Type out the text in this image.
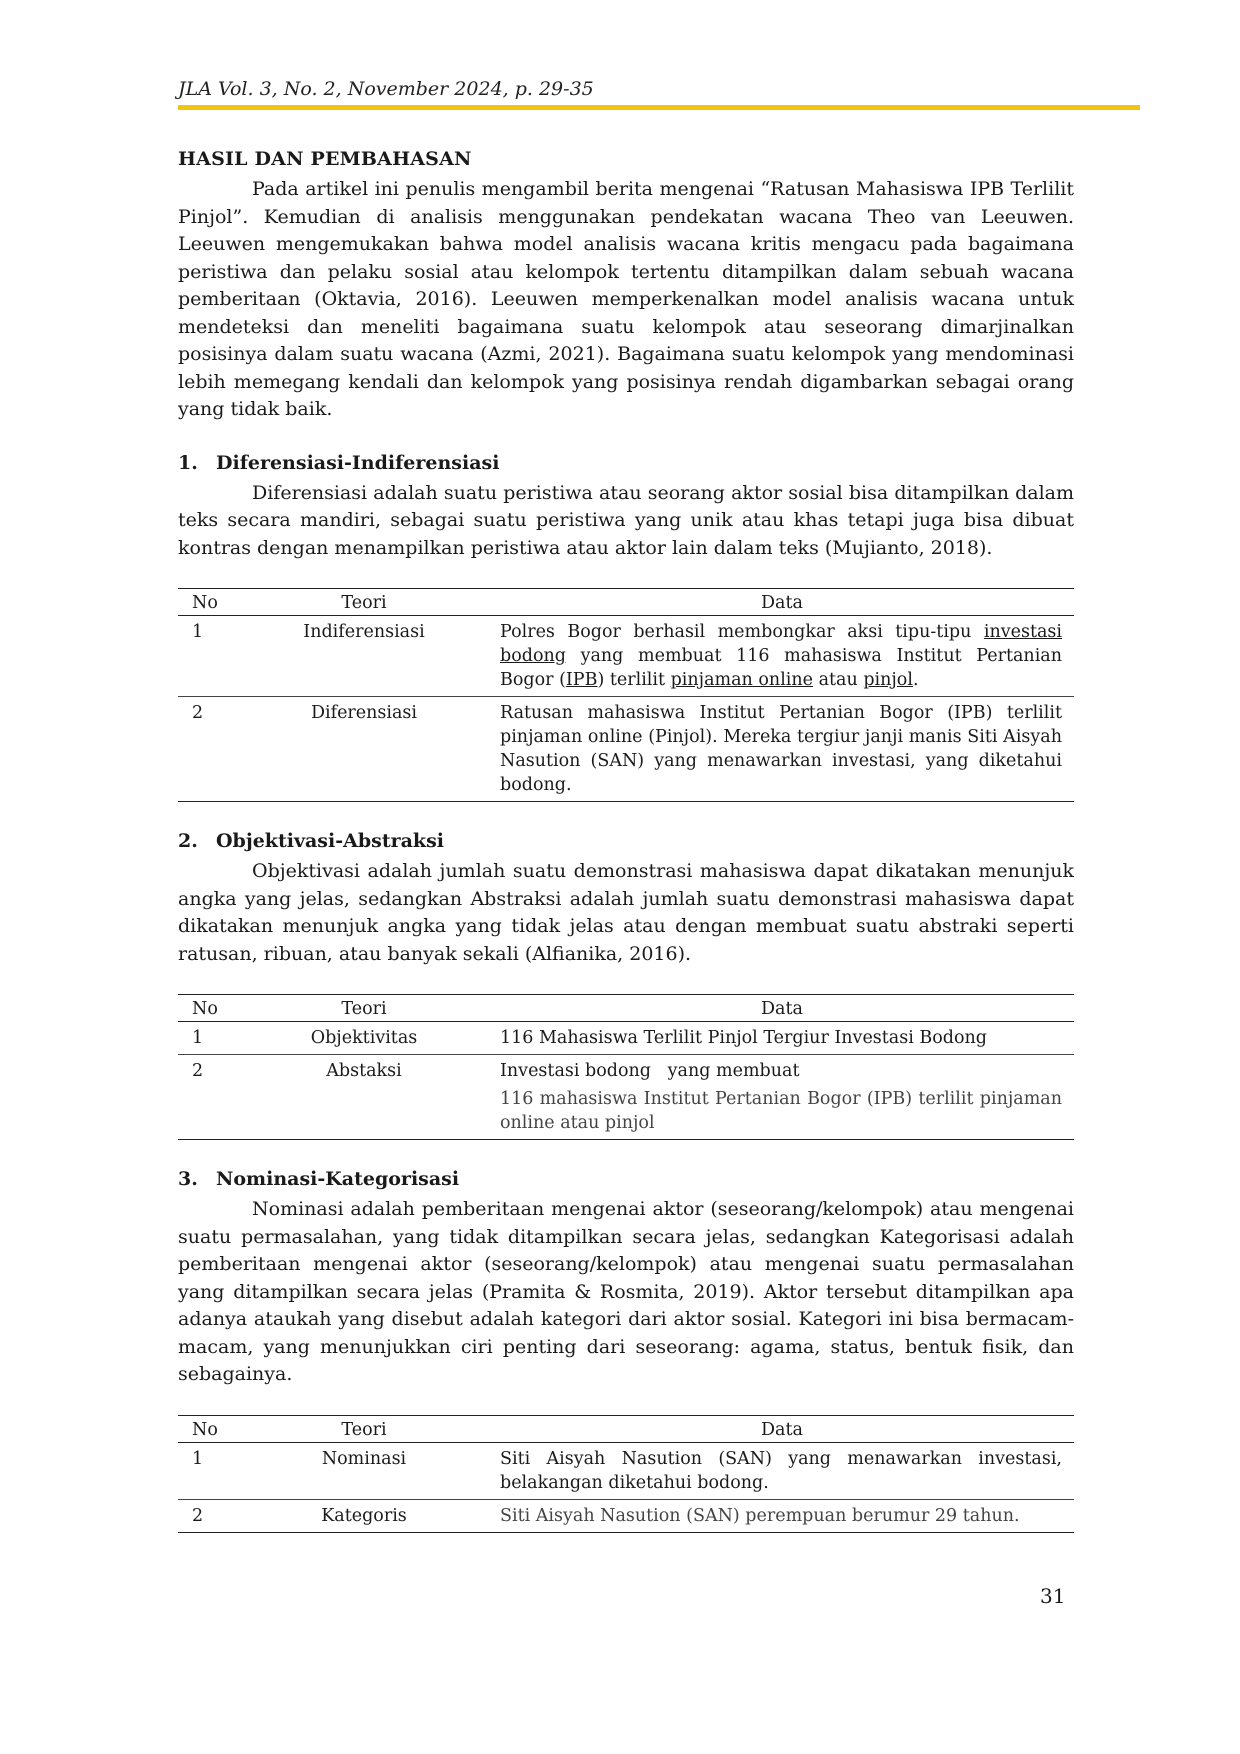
JLA Vol. 3, No. 2, November 2024, p. 29-35
HASIL DAN PEMBAHASAN

Pada artikel ini penulis mengambil berita mengenai “Ratusan Mahasiswa IPB Terlilit Pinjol”. Kemudian di analisis menggunakan pendekatan wacana Theo van Leeuwen. Leeuwen mengemukakan bahwa model analisis wacana kritis mengacu pada bagaimana peristiwa dan pelaku sosial atau kelompok tertentu ditampilkan dalam sebuah wacana pemberitaan (Oktavia, 2016). Leeuwen memperkenalkan model analisis wacana untuk mendeteksi dan meneliti bagaimana suatu kelompok atau seseorang dimarjinalkan posisinya dalam suatu wacana (Azmi, 2021). Bagaimana suatu kelompok yang mendominasi lebih memegang kendali dan kelompok yang posisinya rendah digambarkan sebagai orang yang tidak baik.

1. Diferensiasi-Indiferensiasi

Diferensiasi adalah suatu peristiwa atau seorang aktor sosial bisa ditampilkan dalam teks secara mandiri, sebagai suatu peristiwa yang unik atau khas tetapi juga bisa dibuat kontras dengan menampilkan peristiwa atau aktor lain dalam teks (Mujianto, 2018).

No	Teori	Data
1	Indiferensiasi	Polres Bogor berhasil membongkar aksi tipu-tipu investasi bodong yang membuat 116 mahasiswa Institut Pertanian Bogor (IPB) terlilit pinjaman online atau pinjol.
2	Diferensiasi	Ratusan mahasiswa Institut Pertanian Bogor (IPB) terlilit pinjaman online (Pinjol). Mereka tergiur janji manis Siti Aisyah Nasution (SAN) yang menawarkan investasi, yang diketahui bodong.
2. Objektivasi-Abstraksi

Objektivasi adalah jumlah suatu demonstrasi mahasiswa dapat dikatakan menunjuk angka yang jelas, sedangkan Abstraksi adalah jumlah suatu demonstrasi mahasiswa dapat dikatakan menunjuk angka yang tidak jelas atau dengan membuat suatu abstraki seperti ratusan, ribuan, atau banyak sekali (Alfianika, 2016).

No	Teori	Data
1	Objektivitas	116 Mahasiswa Terlilit Pinjol Tergiur Investasi Bodong
2	Abstaksi	Investasi bodong   yang membuat
116 mahasiswa Institut Pertanian Bogor (IPB) terlilit pinjaman online atau pinjol
3. Nominasi-Kategorisasi

Nominasi adalah pemberitaan mengenai aktor (seseorang/kelompok) atau mengenai suatu permasalahan, yang tidak ditampilkan secara jelas, sedangkan Kategorisasi adalah pemberitaan mengenai aktor (seseorang/kelompok) atau mengenai suatu permasalahan yang ditampilkan secara jelas (Pramita & Rosmita, 2019). Aktor tersebut ditampilkan apa adanya ataukah yang disebut adalah kategori dari aktor sosial. Kategori ini bisa bermacam-macam, yang menunjukkan ciri penting dari seseorang: agama, status, bentuk fisik, dan sebagainya.

No	Teori	Data
1	Nominasi	Siti Aisyah Nasution (SAN) yang menawarkan investasi, belakangan diketahui bodong.
2	Kategoris	Siti Aisyah Nasution (SAN) perempuan berumur 29 tahun.
31
